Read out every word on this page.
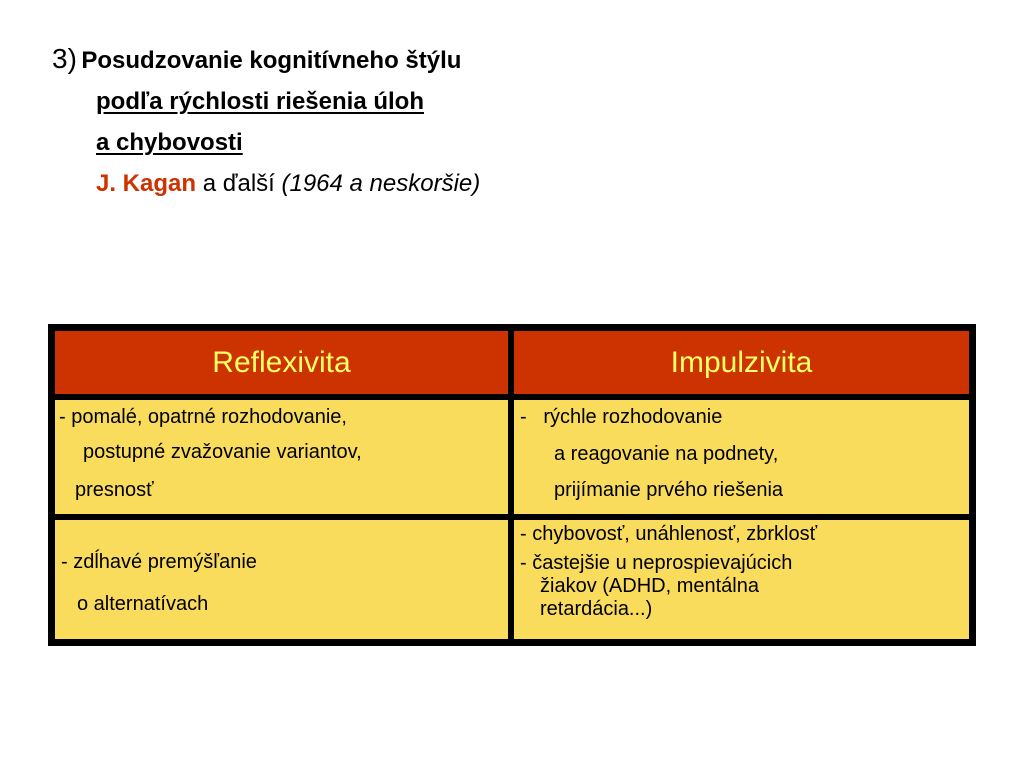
3) Posudzovanie kognitívneho štýlu
podľa rýchlosti riešenia úloh
a chybovosti
J. Kagan a ďalší (1964 a neskoršie)
Reflexivita	Impulzivita
- pomalé, opatrné rozhodovanie,
postupné zvažovanie variantov,
presnosť
-   rýchle rozhodovanie
a reagovanie na podnety,
prijímanie prvého riešenia
- zdĺhavé premýšľanie
o alternatívach
- chybovosť, unáhlenosť, zbrklosť
- častejšie u neprospievajúcich
žiakov (ADHD, mentálna
retardácia...)
